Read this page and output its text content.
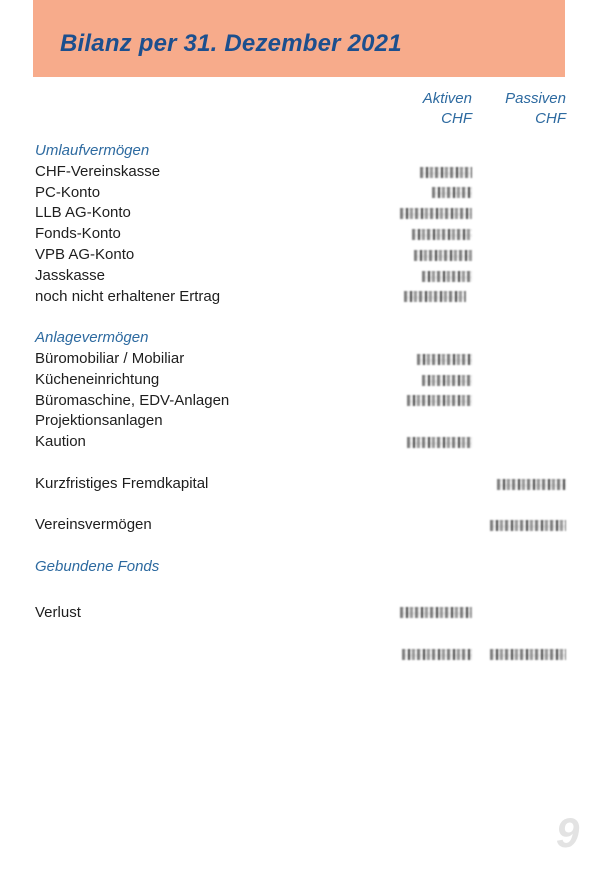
Bilanz per 31. Dezember 2021
Aktiven
CHF
Passiven
CHF
Umlaufvermögen
CHF-Vereinskasse
PC-Konto
LLB AG-Konto
Fonds-Konto
VPB AG-Konto
Jasskasse
noch nicht erhaltener Ertrag
Anlagevermögen
Büromobiliar / Mobiliar
Kücheneinrichtung
Büromaschine, EDV-Anlagen
Projektionsanlagen
Kaution
Kurzfristiges Fremdkapital
Vereinsvermögen
Gebundene Fonds
Verlust
9
